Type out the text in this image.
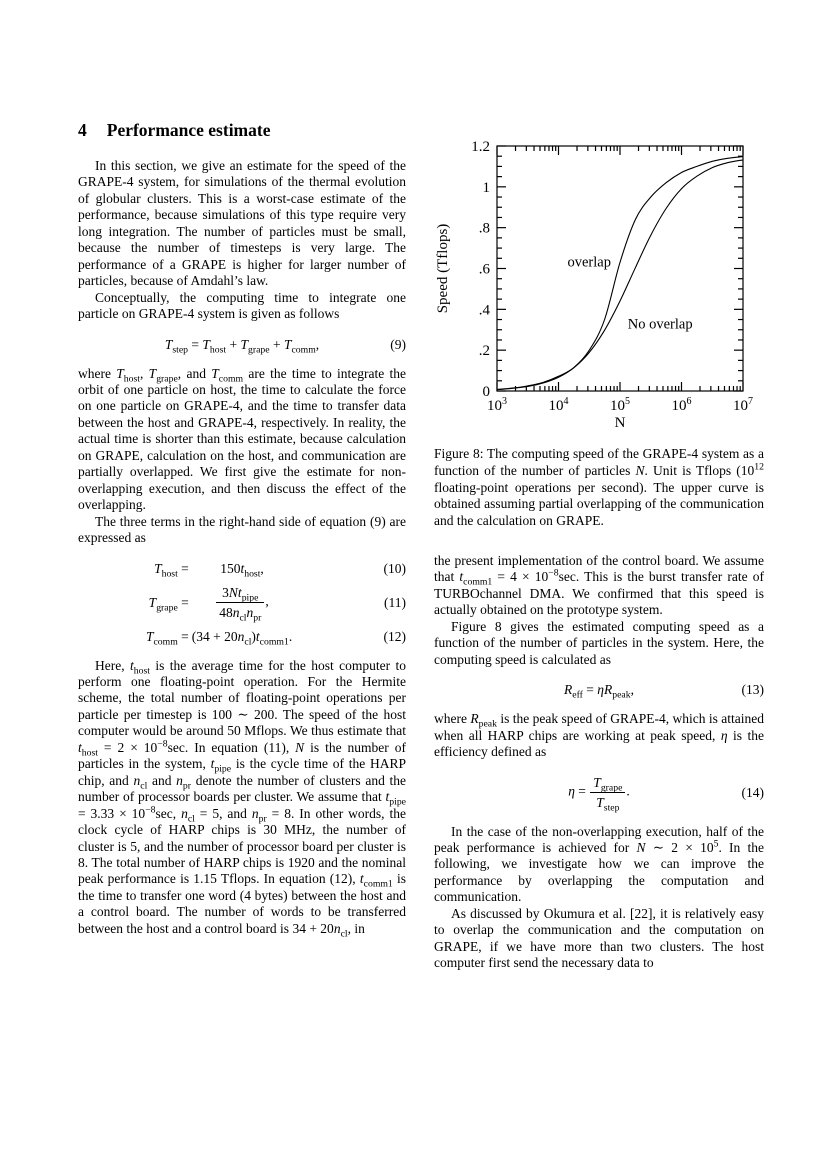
4 Performance estimate

In this section, we give an estimate for the speed of the GRAPE-4 system, for simulations of the thermal evolution of globular clusters. This is a worst-case estimate of the performance, because simulations of this type require very long integration. The number of particles must be small, because the number of timesteps is very large. The performance of a GRAPE is higher for larger number of particles, because of Amdahl’s law.

Conceptually, the computing time to integrate one particle on GRAPE-4 system is given as follows

$T_{step} = T_{host} + T_{grape} + T_{comm}$,	(9)

where $T_{host}$, $T_{grape}$, and $T_{comm}$ are the time to integrate the orbit of one particle on host, the time to calculate the force on one particle on GRAPE-4, and the time to transfer data between the host and GRAPE-4, respectively. In reality, the actual time is shorter than this estimate, because calculation on GRAPE, calculation on the host, and communication are partially overlapped. We first give the estimate for non-overlapping execution, and then discuss the effect of the overlapping.

The three terms in the right-hand side of equation (9) are expressed as

$T_{host}$ =	$150t_{host}$,	(10)
$T_{grape} = \frac{3Nt_{pipe}}{48n_{cl}n_{pr}}$ ,	(11)
$T_{comm} = (34 + 20n_{cl})t_{comm1}$.	(12)

Here, $t_{host}$ is the average time for the host computer to perform one floating-point operation. For the Hermite scheme, the total number of floating-point operations per particle per timestep is 100 ∼ 200. The speed of the host computer would be around 50 Mflops. We thus estimate that $t_{host} = 2 \times 10^{-8}\sec$. In equation (11), N is the number of particles in the system, $t_{pipe}$ is the cycle time of the HARP chip, and $n_{cl}$ and $n_{pr}$ denote the number of clusters and the number of processor boards per cluster. We assume that $t_{pipe} = 3.33 \times 10^{-8}\sec$, $n_{cl} = 5$, and $n_{pr} = 8$. In other words, the clock cycle of HARP chips is 30 MHz, the number of cluster is 5, and the number of processor board per cluster is 8. The total number of HARP chips is 1920 and the nominal peak performance is 1.15 Tflops. In equation (12), $t_{comm1}$ is the time to transfer one word (4 bytes) between the host and a control board. The number of words to be transferred between the host and a control board is $34 + 20n_{cl}$, in

$10^3$	$10^4$	$10^5$	$10^6$	$10^7$
0
.2
.4
.6
.8
1
1.2
N
Speed (Tflops)	overlap
No overlap

Figure 8: The computing speed of the GRAPE-4 system as a function of the number of particles N. Unit is Tflops ($10^{12}$ floating-point operations per second). The upper curve is obtained assuming partial overlapping of the communication and the calculation on GRAPE.

the present implementation of the control board. We assume that $t_{comm1} = 4 \times 10^{-8}\sec$. This is the burst transfer rate of TURBOchannel DMA. We confirmed that this speed is actually obtained on the prototype system.

Figure 8 gives the estimated computing speed as a function of the number of particles in the system. Here, the computing speed is calculated as

$R_{eff} = \eta R_{peak}$,	(13)

where $R_{peak}$ is the peak speed of GRAPE-4, which is attained when all HARP chips are working at peak speed, η is the efficiency defined as

$\eta = \frac{T_{grape}}{T_{step}}$ .	(14)

In the case of the non-overlapping execution, half of the peak performance is achieved for N ∼ $2 \times 10^5$. In the following, we investigate how we can improve the performance by overlapping the computation and communication.

As discussed by Okumura et al. [22], it is relatively easy to overlap the communication and the computation on GRAPE, if we have more than two clusters. The host computer first send the necessary data to
